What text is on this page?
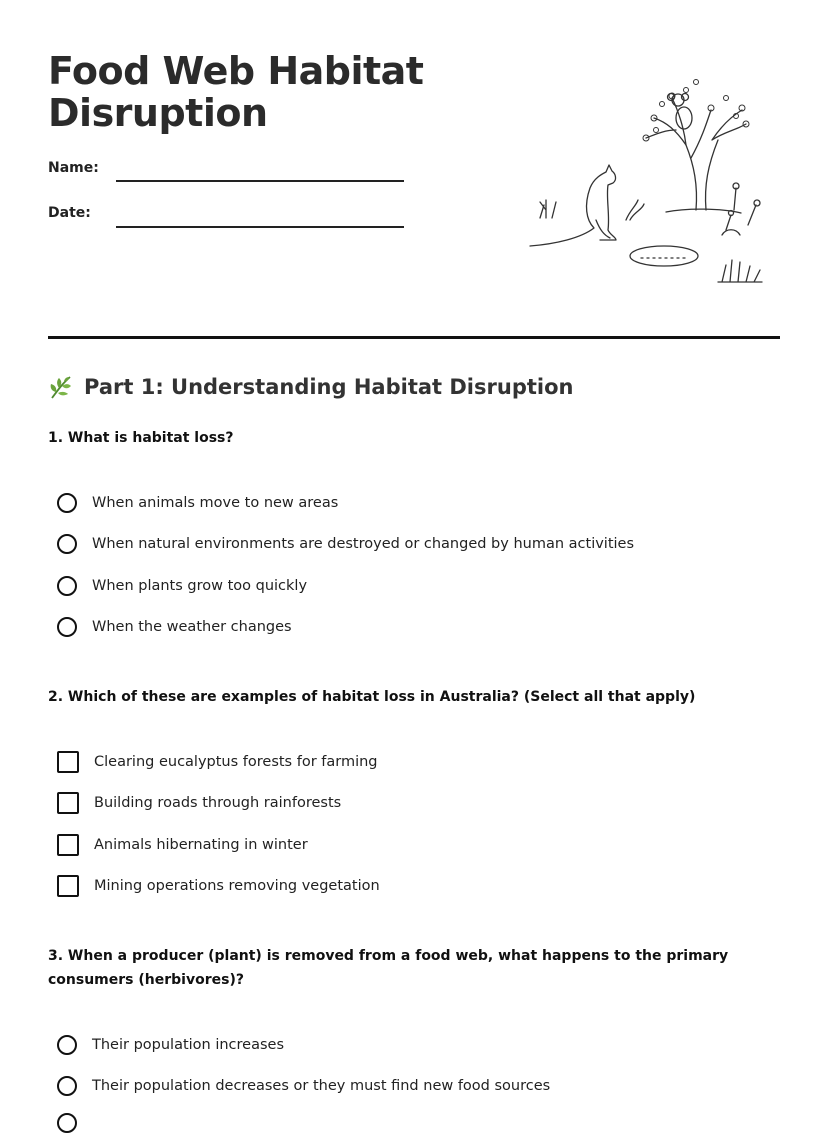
Food Web Habitat
Disruption
Name:
Date:
Part 1: Understanding Habitat Disruption
1. What is habitat loss?
When animals move to new areas
When natural environments are destroyed or changed by human activities
When plants grow too quickly
When the weather changes
2. Which of these are examples of habitat loss in Australia? (Select all that apply)
Clearing eucalyptus forests for farming
Building roads through rainforests
Animals hibernating in winter
Mining operations removing vegetation
3. When a producer (plant) is removed from a food web, what happens to the primary consumers (herbivores)?
Their population increases
Their population decreases or they must find new food sources
